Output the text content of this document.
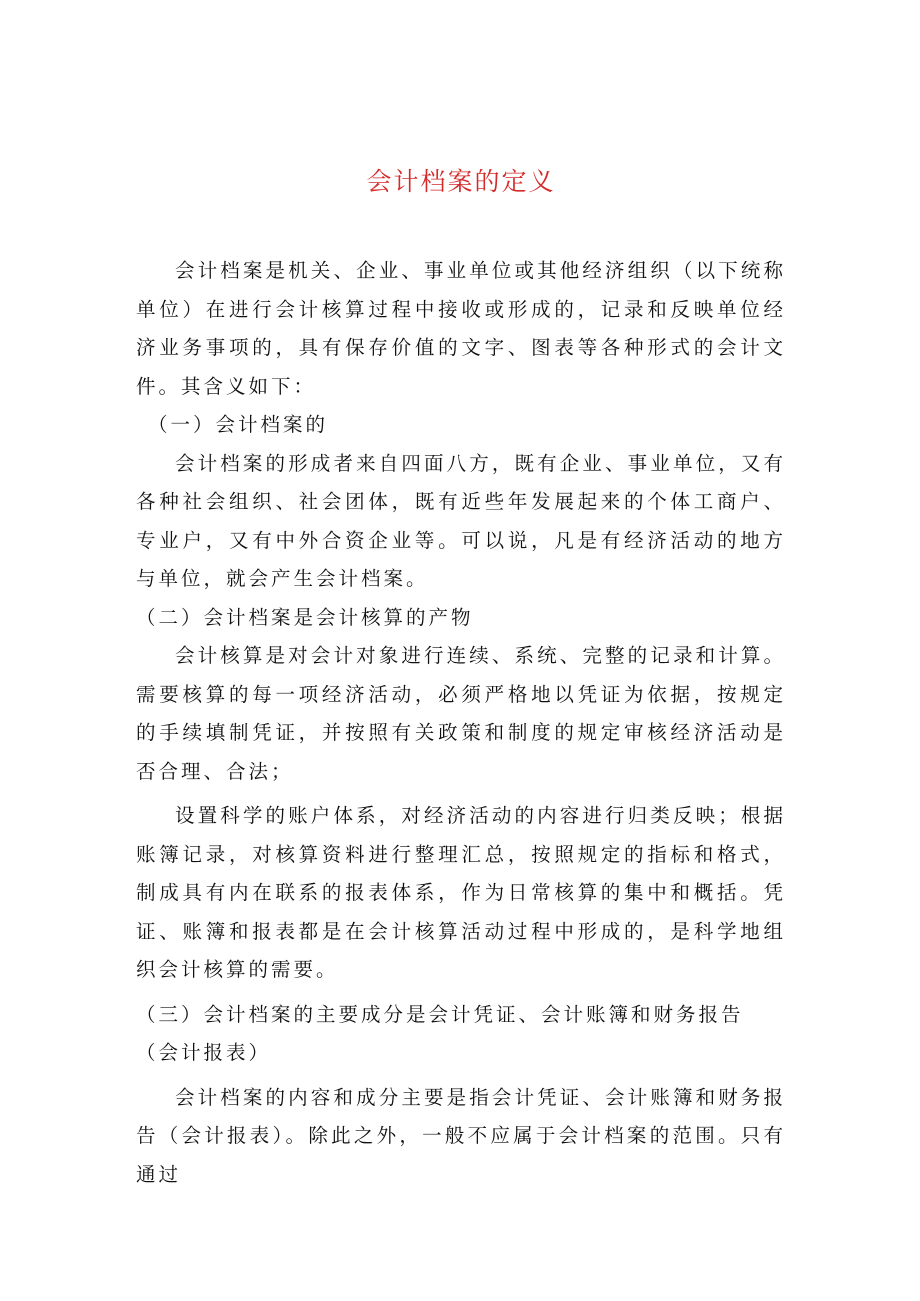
会计档案的定义

会计档案是机关、企业、事业单位或其他经济组织（以下统称单位）在进行会计核算过程中接收或形成的，记录和反映单位经济业务事项的，具有保存价值的文字、图表等各种形式的会计文件。其含义如下：

（一）会计档案的

会计档案的形成者来自四面八方，既有企业、事业单位，又有各种社会组织、社会团体，既有近些年发展起来的个体工商户、专业户，又有中外合资企业等。可以说，凡是有经济活动的地方与单位，就会产生会计档案。

（二）会计档案是会计核算的产物

会计核算是对会计对象进行连续、系统、完整的记录和计算。需要核算的每一项经济活动，必须严格地以凭证为依据，按规定的手续填制凭证，并按照有关政策和制度的规定审核经济活动是否合理、合法；

设置科学的账户体系，对经济活动的内容进行归类反映；根据账簿记录，对核算资料进行整理汇总，按照规定的指标和格式，制成具有内在联系的报表体系，作为日常核算的集中和概括。凭证、账簿和报表都是在会计核算活动过程中形成的，是科学地组织会计核算的需要。

（三）会计档案的主要成分是会计凭证、会计账簿和财务报告（会计报表）

会计档案的内容和成分主要是指会计凭证、会计账簿和财务报告（会计报表）。除此之外，一般不应属于会计档案的范围。只有通过
